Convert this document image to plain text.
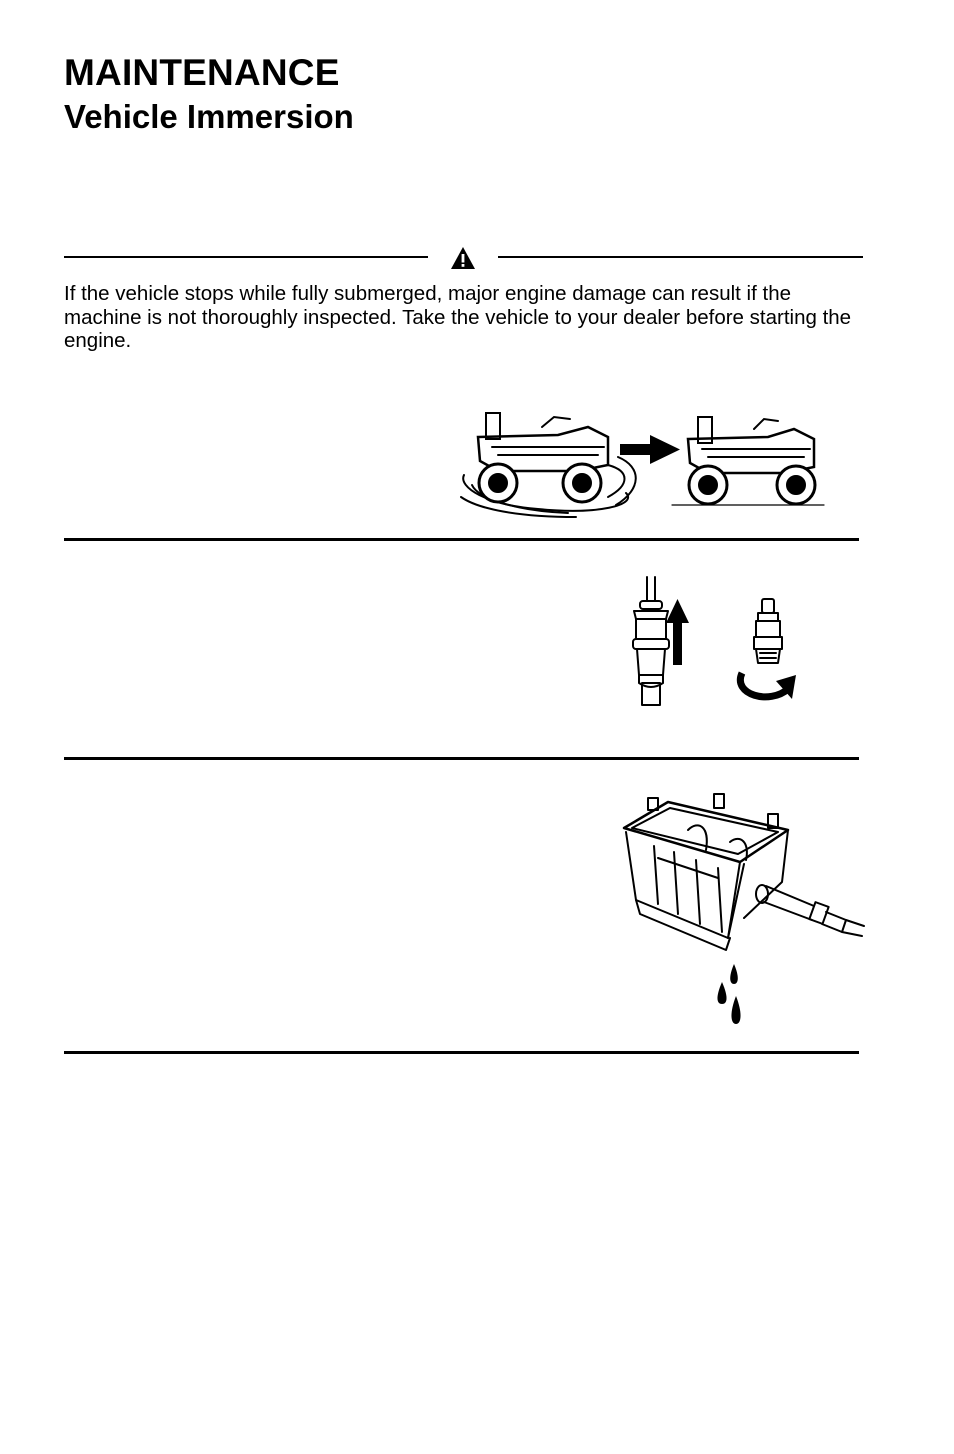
MAINTENANCE
Vehicle Immersion

If the vehicle stops while fully submerged, major engine damage can result if the machine is not thoroughly inspected. Take the vehicle to your dealer before starting the engine.
